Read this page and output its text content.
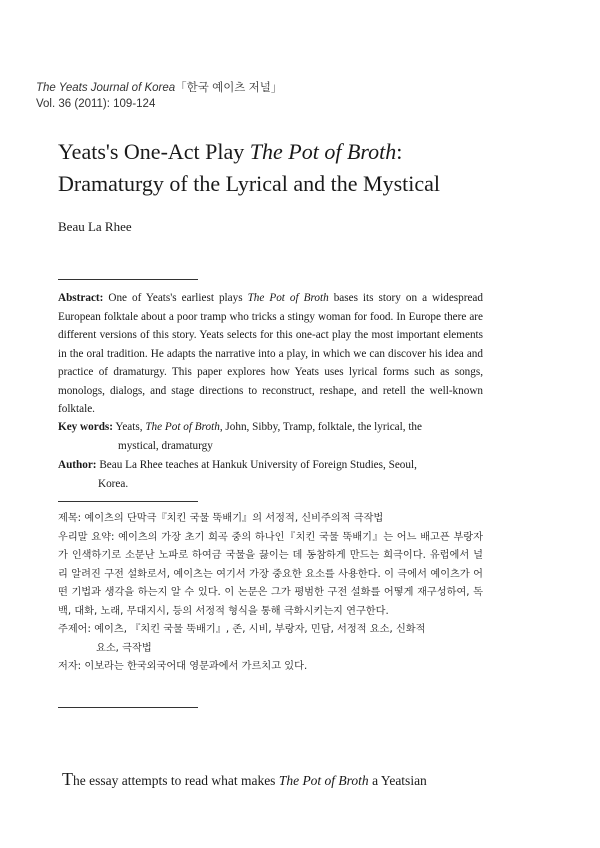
The Yeats Journal of Korea「한국 예이츠 저널」
Vol. 36 (2011): 109-124
Yeats's One-Act Play The Pot of Broth:
Dramaturgy of the Lyrical and the Mystical
Beau La Rhee

Abstract: One of Yeats's earliest plays The Pot of Broth bases its story on a widespread European folktale about a poor tramp who tricks a stingy woman for food. In Europe there are different versions of this story. Yeats selects for this one-act play the most important elements in the oral tradition. He adapts the narrative into a play, in which we can discover his idea and practice of dramaturgy. This paper explores how Yeats uses lyrical forms such as songs, monologs, dialogs, and stage directions to reconstruct, reshape, and retell the well-known folktale.

Key words: Yeats, The Pot of Broth, John, Sibby, Tramp, folktale, the lyrical, the
mystical, dramaturgy
Author: Beau La Rhee teaches at Hankuk University of Foreign Studies, Seoul,
Korea.
제목: 예이츠의 단막극『치킨 국물 뚝배기』의 서정적, 신비주의적 극작법
우리말 요약: 예이츠의 가장 초기 희곡 중의 하나인『치킨 국물 뚝배기』는 어느 배고픈 부랑자가 인색하기로 소문난 노파로 하여금 국물을 끓이는 데 동참하게 만드는 희극이다. 유럽에서 널리 알려진 구전 설화로서, 예이츠는 여기서 가장 중요한 요소를 사용한다. 이 극에서 예이츠가 어떤 기법과 생각을 하는지 알 수 있다. 이 논문은 그가 평범한 구전 설화를 어떻게 재구성하여, 독백, 대화, 노래, 무대지시, 등의 서정적 형식을 통해 극화시키는지 연구한다.
주제어: 예이츠, 『치킨 국물 뚝배기』, 존, 시비, 부랑자, 민담, 서정적 요소, 신화적
요소, 극작법
저자: 이보라는 한국외국어대 영문과에서 가르치고 있다.
The essay attempts to read what makes The Pot of Broth a Yeatsian
